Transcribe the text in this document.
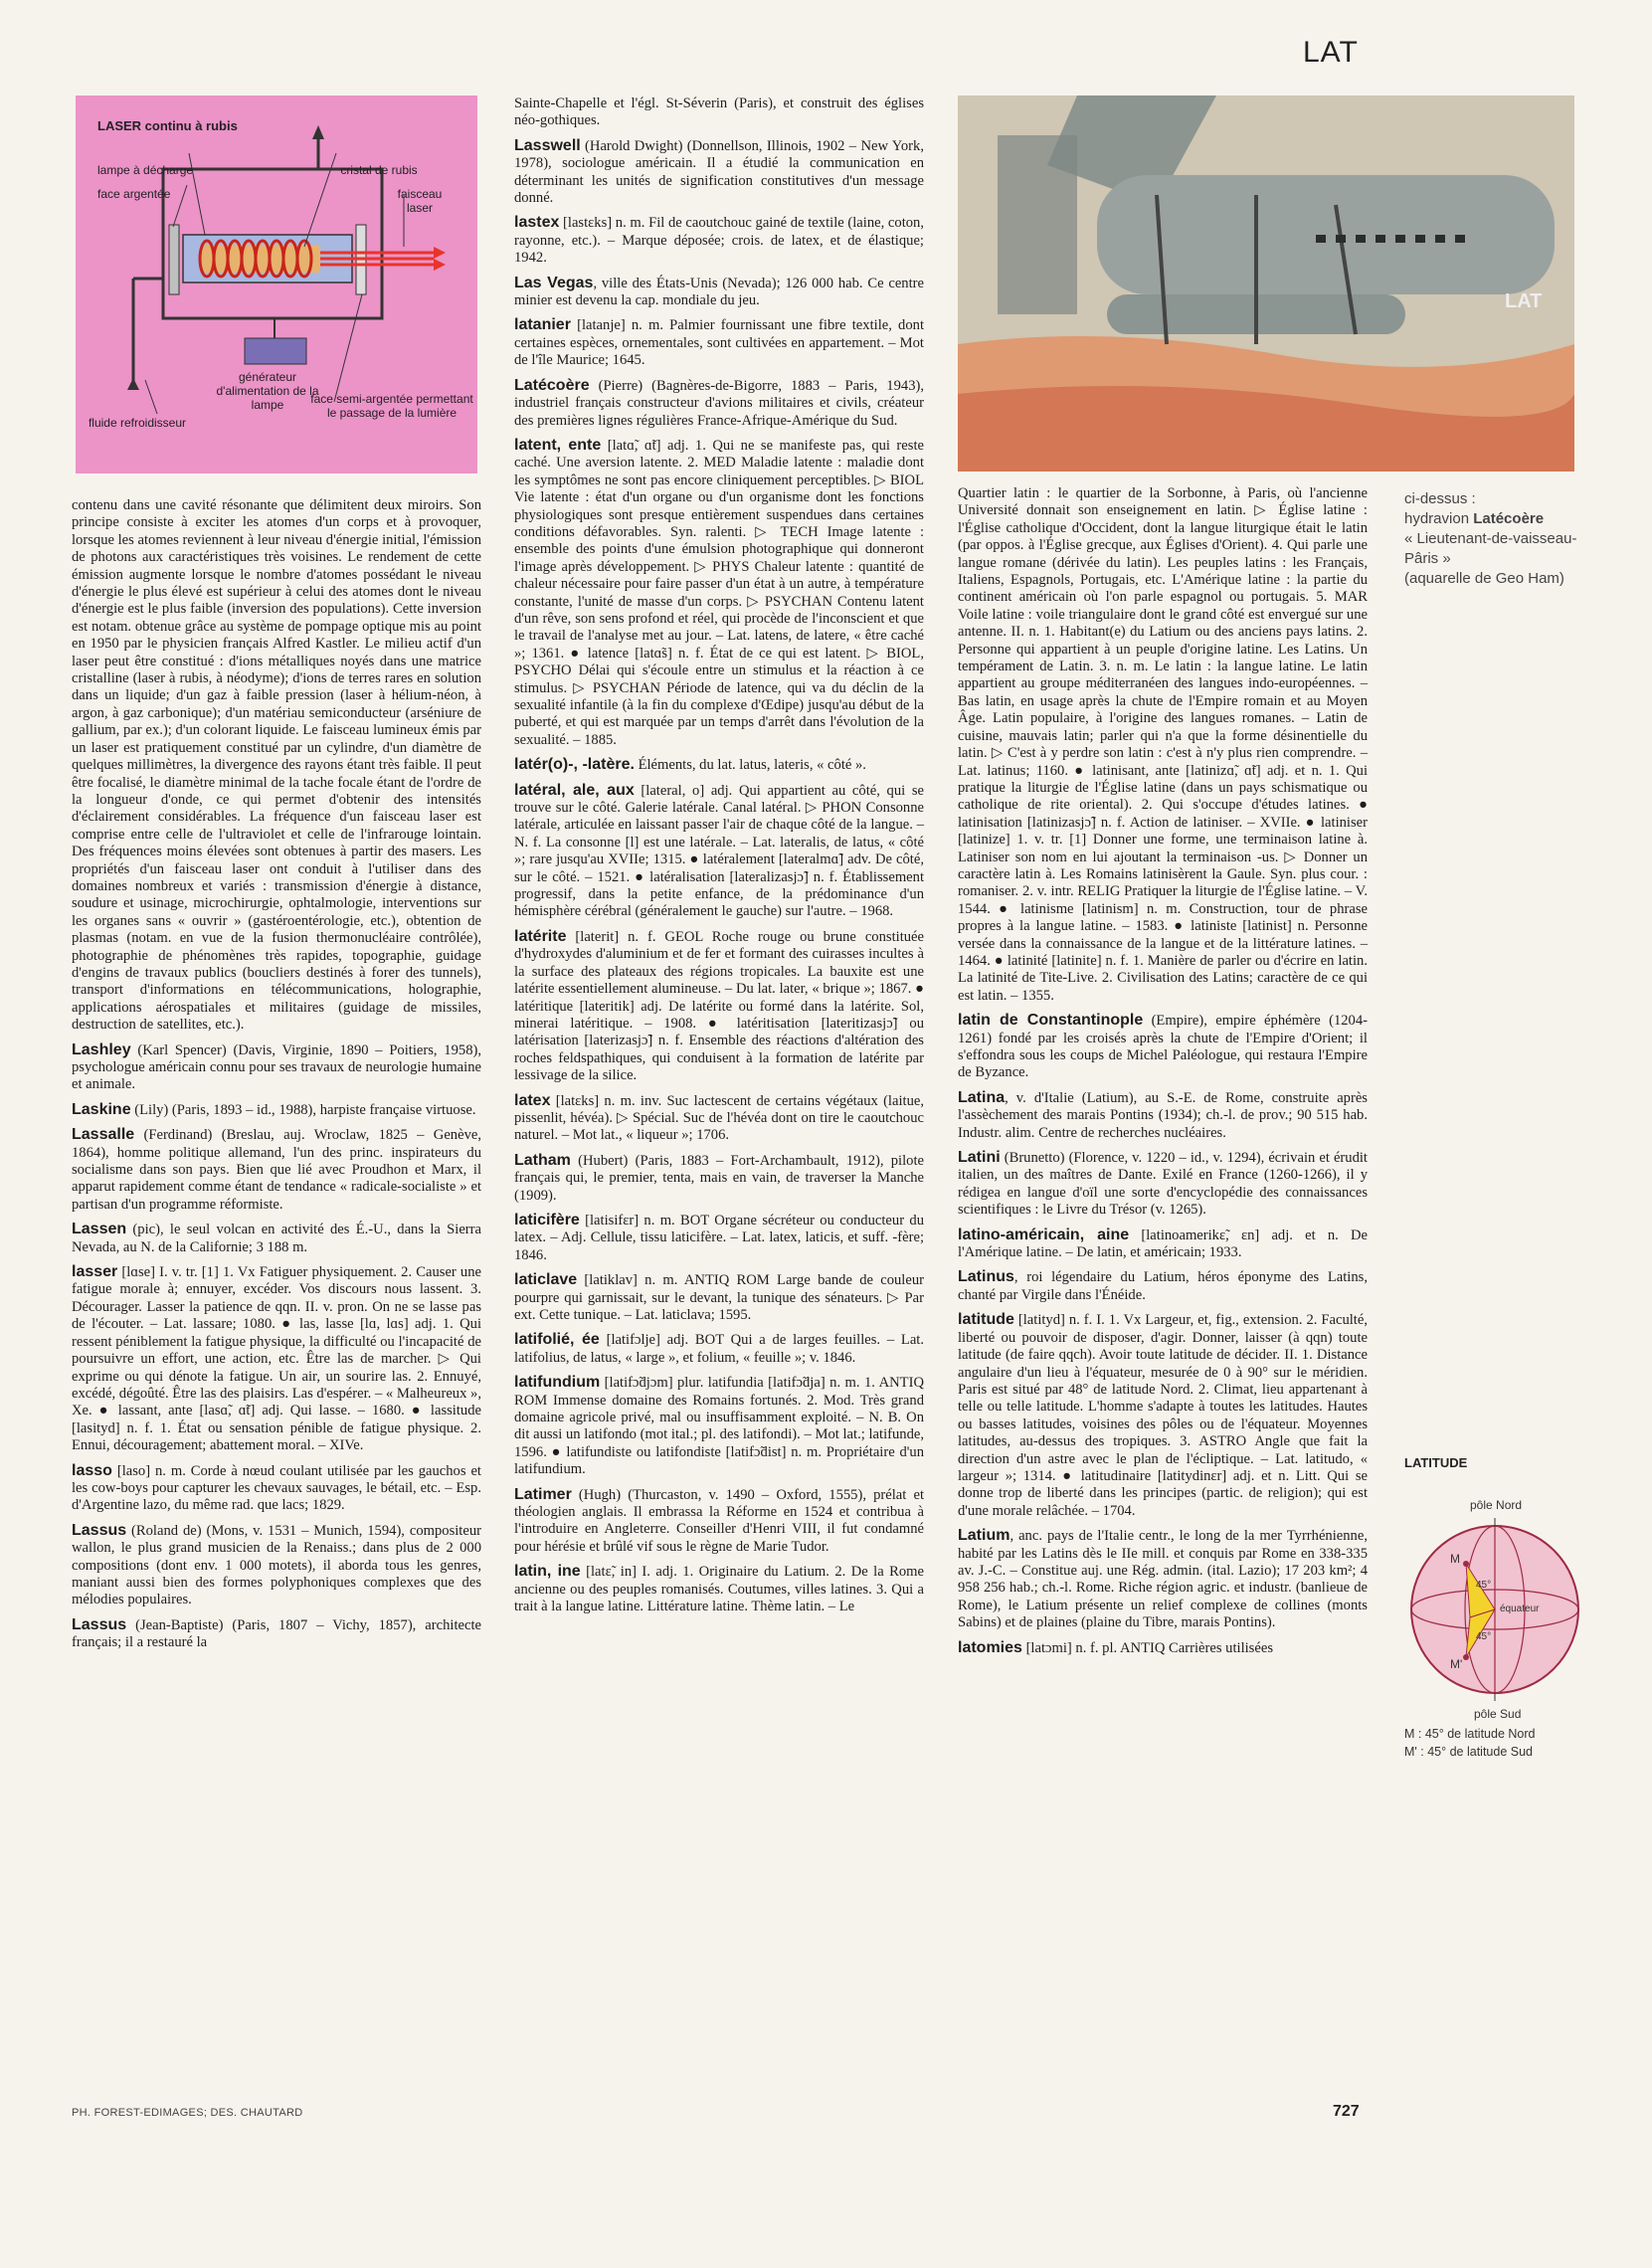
LAT
LASER continu à rubis
lampe à décharge
face argentée
cristal de rubis
faisceau laser
générateur d'alimentation de la lampe
fluide refroidisseur
face semi-argentée permettant le passage de la lumière

contenu dans une cavité résonante que délimitent deux miroirs. Son principe consiste à exciter les atomes d'un corps et à provoquer, lorsque les atomes reviennent à leur niveau d'énergie initial, l'émission de photons aux caractéristiques très voisines. Le rendement de cette émission augmente lorsque le nombre d'atomes possédant le niveau d'énergie le plus élevé est supérieur à celui des atomes dont le niveau d'énergie est le plus faible (inversion des populations). Cette inversion est notam. obtenue grâce au système de pompage optique mis au point en 1950 par le physicien français Alfred Kastler. Le milieu actif d'un laser peut être constitué : d'ions métalliques noyés dans une matrice cristalline (laser à rubis, à néodyme); d'ions de terres rares en solution dans un liquide; d'un gaz à faible pression (laser à hélium-néon, à argon, à gaz carbonique); d'un matériau semiconducteur (arséniure de gallium, par ex.); d'un colorant liquide. Le faisceau lumineux émis par un laser est pratiquement constitué par un cylindre, d'un diamètre de quelques millimètres, la divergence des rayons étant très faible. Il peut être focalisé, le diamètre minimal de la tache focale étant de l'ordre de la longueur d'onde, ce qui permet d'obtenir des intensités d'éclairement considérables. La fréquence d'un faisceau laser est comprise entre celle de l'ultraviolet et celle de l'infrarouge lointain. Des fréquences moins élevées sont obtenues à partir des masers. Les propriétés d'un faisceau laser ont conduit à l'utiliser dans des domaines nombreux et variés : transmission d'énergie à distance, soudure et usinage, microchirurgie, ophtalmologie, interventions sur les organes sans « ouvrir » (gastéroentérologie, etc.), obtention de plasmas (notam. en vue de la fusion thermonucléaire contrôlée), photographie de phénomènes très rapides, topographie, guidage d'engins de travaux publics (boucliers destinés à forer des tunnels), transport d'informations en télécommunications, holographie, applications aérospatiales et militaires (guidage de missiles, destruction de satellites, etc.).

Lashley (Karl Spencer) (Davis, Virginie, 1890 – Poitiers, 1958), psychologue américain connu pour ses travaux de neurologie humaine et animale.
Laskine (Lily) (Paris, 1893 – id., 1988), harpiste française virtuose.
Lassalle (Ferdinand) (Breslau, auj. Wroclaw, 1825 – Genève, 1864), homme politique allemand, l'un des princ. inspirateurs du socialisme dans son pays. Bien que lié avec Proudhon et Marx, il apparut rapidement comme étant de tendance « radicale-socialiste » et partisan d'un programme réformiste.
Lassen (pic), le seul volcan en activité des É.-U., dans la Sierra Nevada, au N. de la Californie; 3 188 m.
lasser [lɑse] I. v. tr. [1] 1. Vx Fatiguer physiquement. 2. Causer une fatigue morale à; ennuyer, excéder. Vos discours nous lassent. 3. Décourager. Lasser la patience de qqn. II. v. pron. On ne se lasse pas de l'écouter. – Lat. lassare; 1080. ● las, lasse [lɑ, lɑs] adj. 1. Qui ressent péniblement la fatigue physique, la difficulté ou l'incapacité de poursuivre un effort, une action, etc. Être las de marcher. ▷ Qui exprime ou qui dénote la fatigue. Un air, un sourire las. 2. Ennuyé, excédé, dégoûté. Être las des plaisirs. Las d'espérer. – « Malheureux », Xe. ● lassant, ante [lasɑ̃, ɑ̃t] adj. Qui lasse. – 1680. ● lassitude [lasityd] n. f. 1. État ou sensation pénible de fatigue physique. 2. Ennui, découragement; abattement moral. – XIVe.
lasso [laso] n. m. Corde à nœud coulant utilisée par les gauchos et les cow-boys pour capturer les chevaux sauvages, le bétail, etc. – Esp. d'Argentine lazo, du même rad. que lacs; 1829.
Lassus (Roland de) (Mons, v. 1531 – Munich, 1594), compositeur wallon, le plus grand musicien de la Renaiss.; dans plus de 2 000 compositions (dont env. 1 000 motets), il aborda tous les genres, maniant aussi bien des formes polyphoniques complexes que des mélodies populaires.
Lassus (Jean-Baptiste) (Paris, 1807 – Vichy, 1857), architecte français; il a restauré la

Sainte-Chapelle et l'égl. St-Séverin (Paris), et construit des églises néo-gothiques.

Lasswell (Harold Dwight) (Donnellson, Illinois, 1902 – New York, 1978), sociologue américain. Il a étudié la communication en déterminant les unités de signification constitutives d'un message donné.
lastex [lastɛks] n. m. Fil de caoutchouc gainé de textile (laine, coton, rayonne, etc.). – Marque déposée; crois. de latex, et de élastique; 1942.
Las Vegas, ville des États-Unis (Nevada); 126 000 hab. Ce centre minier est devenu la cap. mondiale du jeu.
latanier [latanje] n. m. Palmier fournissant une fibre textile, dont certaines espèces, ornementales, sont cultivées en appartement. – Mot de l'île Maurice; 1645.
Latécoère (Pierre) (Bagnères-de-Bigorre, 1883 – Paris, 1943), industriel français constructeur d'avions militaires et civils, créateur des premières lignes régulières France-Afrique-Amérique du Sud.
latent, ente [latɑ̃, ɑ̃t] adj. 1. Qui ne se manifeste pas, qui reste caché. Une aversion latente. 2. MED Maladie latente : maladie dont les symptômes ne sont pas encore cliniquement perceptibles. ▷ BIOL Vie latente : état d'un organe ou d'un organisme dont les fonctions physiologiques sont presque entièrement suspendues dans certaines conditions défavorables. Syn. ralenti. ▷ TECH Image latente : ensemble des points d'une émulsion photographique qui donneront l'image après développement. ▷ PHYS Chaleur latente : quantité de chaleur nécessaire pour faire passer d'un état à un autre, à température constante, l'unité de masse d'un corps. ▷ PSYCHAN Contenu latent d'un rêve, son sens profond et réel, qui procède de l'inconscient et que le travail de l'analyse met au jour. – Lat. latens, de latere, « être caché »; 1361. ● latence [latɑ̃s] n. f. État de ce qui est latent. ▷ BIOL, PSYCHO Délai qui s'écoule entre un stimulus et la réaction à ce stimulus. ▷ PSYCHAN Période de latence, qui va du déclin de la sexualité infantile (à la fin du complexe d'Œdipe) jusqu'au début de la puberté, et qui est marquée par un temps d'arrêt dans l'évolution de la sexualité. – 1885.
latér(o)-, -latère. Éléments, du lat. latus, lateris, « côté ».
latéral, ale, aux [lateral, o] adj. Qui appartient au côté, qui se trouve sur le côté. Galerie latérale. Canal latéral. ▷ PHON Consonne latérale, articulée en laissant passer l'air de chaque côté de la langue. – N. f. La consonne [l] est une latérale. – Lat. lateralis, de latus, « côté »; rare jusqu'au XVIIe; 1315. ● latéralement [lateralmɑ̃] adv. De côté, sur le côté. – 1521. ● latéralisation [lateralizasjɔ̃] n. f. Établissement progressif, dans la petite enfance, de la prédominance d'un hémisphère cérébral (généralement le gauche) sur l'autre. – 1968.
latérite [laterit] n. f. GEOL Roche rouge ou brune constituée d'hydroxydes d'aluminium et de fer et formant des cuirasses incultes à la surface des plateaux des régions tropicales. La bauxite est une latérite essentiellement alumineuse. – Du lat. later, « brique »; 1867. ● latéritique [lateritik] adj. De latérite ou formé dans la latérite. Sol, minerai latéritique. – 1908. ● latéritisation [lateritizasjɔ̃] ou latérisation [laterizasjɔ̃] n. f. Ensemble des réactions d'altération des roches feldspathiques, qui conduisent à la formation de latérite par lessivage de la silice.
latex [latɛks] n. m. inv. Suc lactescent de certains végétaux (laitue, pissenlit, hévéa). ▷ Spécial. Suc de l'hévéa dont on tire le caoutchouc naturel. – Mot lat., « liqueur »; 1706.
Latham (Hubert) (Paris, 1883 – Fort-Archambault, 1912), pilote français qui, le premier, tenta, mais en vain, de traverser la Manche (1909).
laticifère [latisifɛr] n. m. BOT Organe sécréteur ou conducteur du latex. – Adj. Cellule, tissu laticifère. – Lat. latex, laticis, et suff. -fère; 1846.
laticlave [latiklav] n. m. ANTIQ ROM Large bande de couleur pourpre qui garnissait, sur le devant, la tunique des sénateurs. ▷ Par ext. Cette tunique. – Lat. laticlava; 1595.
latifolié, ée [latifɔlje] adj. BOT Qui a de larges feuilles. – Lat. latifolius, de latus, « large », et folium, « feuille »; v. 1846.
latifundium [latifɔ̃djɔm] plur. latifundia [latifɔ̃dja] n. m. 1. ANTIQ ROM Immense domaine des Romains fortunés. 2. Mod. Très grand domaine agricole privé, mal ou insuffisamment exploité. – N. B. On dit aussi un latifondo (mot ital.; pl. des latifondi). – Mot lat.; latifunde, 1596. ● latifundiste ou latifondiste [latifɔ̃dist] n. m. Propriétaire d'un latifundium.
Latimer (Hugh) (Thurcaston, v. 1490 – Oxford, 1555), prélat et théologien anglais. Il embrassa la Réforme en 1524 et contribua à l'introduire en Angleterre. Conseiller d'Henri VIII, il fut condamné pour hérésie et brûlé vif sous le règne de Marie Tudor.
latin, ine [latɛ̃, in] I. adj. 1. Originaire du Latium. 2. De la Rome ancienne ou des peuples romanisés. Coutumes, villes latines. 3. Qui a trait à la langue latine. Littérature latine. Thème latin. – Le
LAT
ci-dessus :
hydravion Latécoère
« Lieutenant-de-vaisseau-Pâris »
(aquarelle de Geo Ham)

Quartier latin : le quartier de la Sorbonne, à Paris, où l'ancienne Université donnait son enseignement en latin. ▷ Église latine : l'Église catholique d'Occident, dont la langue liturgique était le latin (par oppos. à l'Église grecque, aux Églises d'Orient). 4. Qui parle une langue romane (dérivée du latin). Les peuples latins : les Français, Italiens, Espagnols, Portugais, etc. L'Amérique latine : la partie du continent américain où l'on parle espagnol ou portugais. 5. MAR Voile latine : voile triangulaire dont le grand côté est envergué sur une antenne. II. n. 1. Habitant(e) du Latium ou des anciens pays latins. 2. Personne qui appartient à un peuple d'origine latine. Les Latins. Un tempérament de Latin. 3. n. m. Le latin : la langue latine. Le latin appartient au groupe méditerranéen des langues indo-européennes. – Bas latin, en usage après la chute de l'Empire romain et au Moyen Âge. Latin populaire, à l'origine des langues romanes. – Latin de cuisine, mauvais latin; parler qui n'a que la forme désinentielle du latin. ▷ C'est à y perdre son latin : c'est à n'y plus rien comprendre. – Lat. latinus; 1160. ● latinisant, ante [latinizɑ̃, ɑ̃t] adj. et n. 1. Qui pratique la liturgie de l'Église latine (dans un pays schismatique ou catholique de rite oriental). 2. Qui s'occupe d'études latines. ● latinisation [latinizasjɔ̃] n. f. Action de latiniser. – XVIIe. ● latiniser [latinize] 1. v. tr. [1] Donner une forme, une terminaison latine à. Latiniser son nom en lui ajoutant la terminaison -us. ▷ Donner un caractère latin à. Les Romains latinisèrent la Gaule. Syn. plus cour. : romaniser. 2. v. intr. RELIG Pratiquer la liturgie de l'Église latine. – V. 1544. ● latinisme [latinism] n. m. Construction, tour de phrase propres à la langue latine. – 1583. ● latiniste [latinist] n. Personne versée dans la connaissance de la langue et de la littérature latines. – 1464. ● latinité [latinite] n. f. 1. Manière de parler ou d'écrire en latin. La latinité de Tite-Live. 2. Civilisation des Latins; caractère de ce qui est latin. – 1355.

latin de Constantinople (Empire), empire éphémère (1204-1261) fondé par les croisés après la chute de l'Empire d'Orient; il s'effondra sous les coups de Michel Paléologue, qui restaura l'Empire de Byzance.
Latina, v. d'Italie (Latium), au S.-E. de Rome, construite après l'assèchement des marais Pontins (1934); ch.-l. de prov.; 90 515 hab. Industr. alim. Centre de recherches nucléaires.
Latini (Brunetto) (Florence, v. 1220 – id., v. 1294), écrivain et érudit italien, un des maîtres de Dante. Exilé en France (1260-1266), il y rédigea en langue d'oïl une sorte d'encyclopédie des connaissances scientifiques : le Livre du Trésor (v. 1265).
latino-américain, aine [latinoamerikɛ̃, ɛn] adj. et n. De l'Amérique latine. – De latin, et américain; 1933.
Latinus, roi légendaire du Latium, héros éponyme des Latins, chanté par Virgile dans l'Énéide.
latitude [latityd] n. f. I. 1. Vx Largeur, et, fig., extension. 2. Faculté, liberté ou pouvoir de disposer, d'agir. Donner, laisser (à qqn) toute latitude (de faire qqch). Avoir toute latitude de décider. II. 1. Distance angulaire d'un lieu à l'équateur, mesurée de 0 à 90° sur le méridien. Paris est situé par 48° de latitude Nord. 2. Climat, lieu appartenant à telle ou telle latitude. L'homme s'adapte à toutes les latitudes. Hautes ou basses latitudes, voisines des pôles ou de l'équateur. Moyennes latitudes, au-dessus des tropiques. 3. ASTRO Angle que fait la direction d'un astre avec le plan de l'écliptique. – Lat. latitudo, « largeur »; 1314. ● latitudinaire [latitydinɛr] adj. et n. Litt. Qui se donne trop de liberté dans les principes (partic. de religion); qui est d'une morale relâchée. – 1704.
Latium, anc. pays de l'Italie centr., le long de la mer Tyrrhénienne, habité par les Latins dès le IIe mill. et conquis par Rome en 338-335 av. J.-C. – Constitue auj. une Rég. admin. (ital. Lazio); 17 203 km²; 4 958 256 hab.; ch.-l. Rome. Riche région agric. et industr. (banlieue de Rome), le Latium présente un relief complexe de collines (monts Sabins) et de plaines (plaine du Tibre, marais Pontins).
latomies [latɔmi] n. f. pl. ANTIQ Carrières utilisées
LATITUDE
pôle Nord
pôle Sud
M
M'
45°
45°
équateur
M : 45° de latitude Nord
M' : 45° de latitude Sud
PH. FOREST-EDIMAGES; DES. CHAUTARD	727
